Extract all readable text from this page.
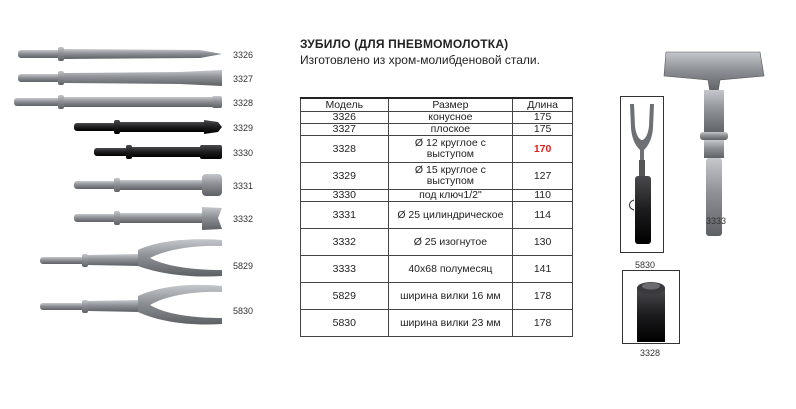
3326
3327
3328
3329
3330
3331
3332
5829
5830
ЗУБИЛО (ДЛЯ ПНЕВМОМОЛОТКА)
Изготовлено из хром-молибденовой стали.
Модель	Размер	Длина
3326	конусное	175
3327	плоское	175
3328	Ø 12 круглое с выступом	170
3329	Ø 15 круглое с выступом	127
3330	под ключ1/2"	110
3331	Ø 25 цилиндрическое	114
3332	Ø 25 изогнутое	130
3333	40х68 полумесяц	141
5829	ширина вилки 16 мм	178
5830	ширина вилки 23 мм	178
3333
5830
3328
